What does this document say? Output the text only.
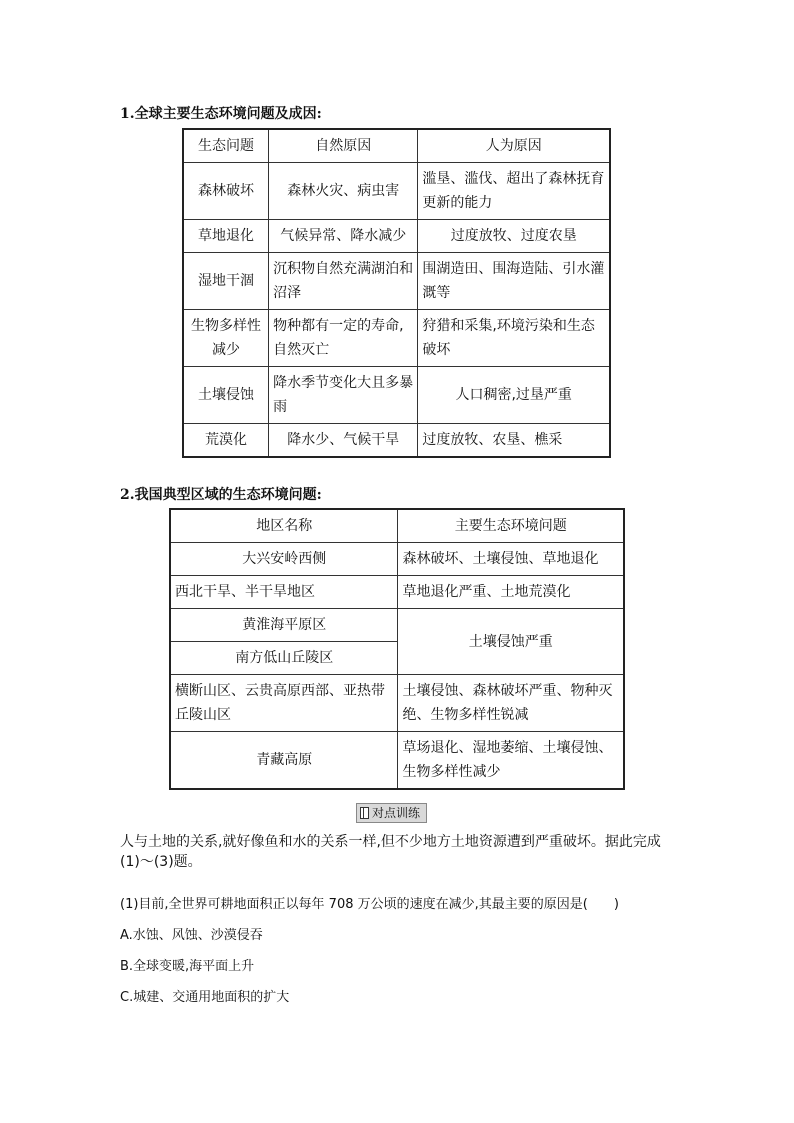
1.全球主要生态环境问题及成因:
生态问题	自然原因	人为原因
森林破坏	森林火灾、病虫害	滥垦、滥伐、超出了森林抚育更新的能力
草地退化	气候异常、降水减少	过度放牧、过度农垦
湿地干涸	沉积物自然充满湖泊和沼泽	围湖造田、围海造陆、引水灌溉等
生物多样性减少	物种都有一定的寿命,自然灭亡	狩猎和采集,环境污染和生态破坏
土壤侵蚀	降水季节变化大且多暴雨	人口稠密,过垦严重
荒漠化	降水少、气候干旱	过度放牧、农垦、樵采
2.我国典型区域的生态环境问题:
地区名称	主要生态环境问题
大兴安岭西侧	森林破坏、土壤侵蚀、草地退化
西北干旱、半干旱地区	草地退化严重、土地荒漠化
黄淮海平原区	土壤侵蚀严重
南方低山丘陵区	
横断山区、云贵高原西部、亚热带丘陵山区	土壤侵蚀、森林破坏严重、物种灭绝、生物多样性锐减
青藏高原	草场退化、湿地萎缩、土壤侵蚀、生物多样性减少
对点训练
人与土地的关系,就好像鱼和水的关系一样,但不少地方土地资源遭到严重破坏。据此完成(1)～(3)题。
(1)目前,全世界可耕地面积正以每年 708 万公顷的速度在减少,其最主要的原因是(　　)
A.水蚀、风蚀、沙漠侵吞
B.全球变暖,海平面上升
C.城建、交通用地面积的扩大
